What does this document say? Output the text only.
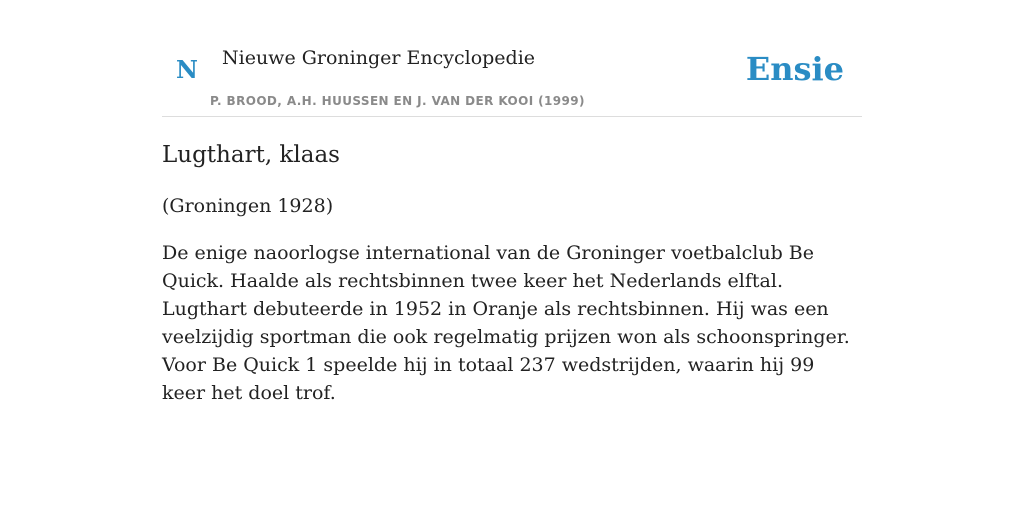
N Nieuwe Groninger Encyclopedie
P. BROOD, A.H. HUUSSEN EN J. VAN DER KOOI (1999)
Ensie
Lugthart, klaas

(Groningen 1928)

De enige naoorlogse international van de Groninger voetbalclub Be Quick. Haalde als rechtsbinnen twee keer het Nederlands elftal. Lugthart debuteerde in 1952 in Oranje als rechtsbinnen. Hij was een veelzijdig sportman die ook regelmatig prijzen won als schoonspringer. Voor Be Quick 1 speelde hij in totaal 237 wedstrijden, waarin hij 99 keer het doel trof.
